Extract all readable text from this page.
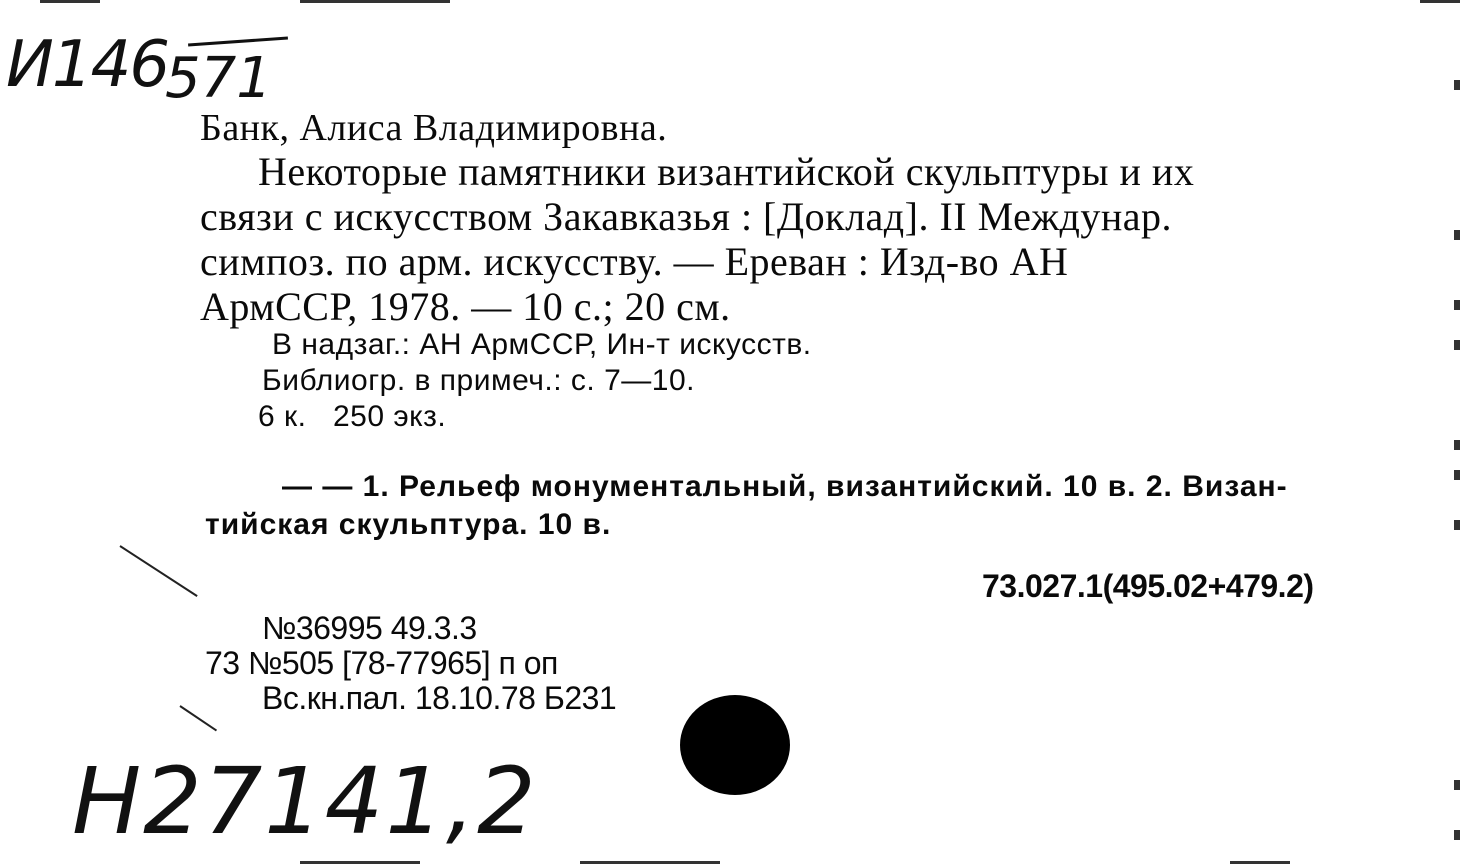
И146
571
Банк, Алиса Владимировна.
Некоторые памятники византийской скульптуры и их
связи с искусством Закавказья : [Доклад]. II Междунар.
симпоз. по арм. искусству. — Ереван : Изд-во АН
АрмССР, 1978. — 10 с.; 20 см.
В надзаг.: АН АрмССР, Ин-т искусств.
Библиогр. в примеч.: с. 7—10.
6 к.   250 экз.
— — 1. Рельеф монументальный, византийский. 10 в. 2. Визан-
тийская скульптура. 10 в.
73.027.1(495.02+479.2)
№36995 49.3.3
73 №505 [78-77965] п оп
Вс.кн.пал. 18.10.78 Б231
Н27141,2
